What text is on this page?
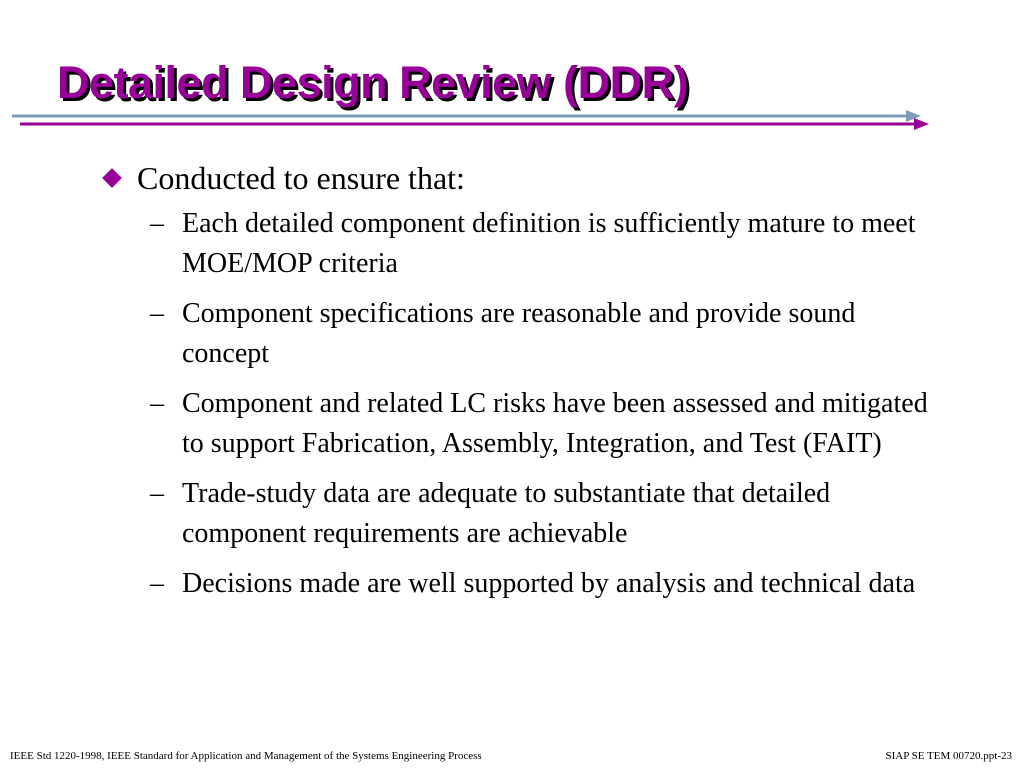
Detailed Design Review (DDR)
Conducted to ensure that:
– Each detailed component definition is sufficiently mature to meet MOE/MOP criteria
– Component specifications are reasonable and provide sound concept
– Component and related LC risks have been assessed and mitigated to support Fabrication, Assembly, Integration, and Test (FAIT)
– Trade-study data are adequate to substantiate that detailed component requirements are achievable
– Decisions made are well supported by analysis and technical data
IEEE Std 1220-1998, IEEE Standard for Application and Management of the Systems Engineering Process	SIAP SE TEM 00720.ppt-23
